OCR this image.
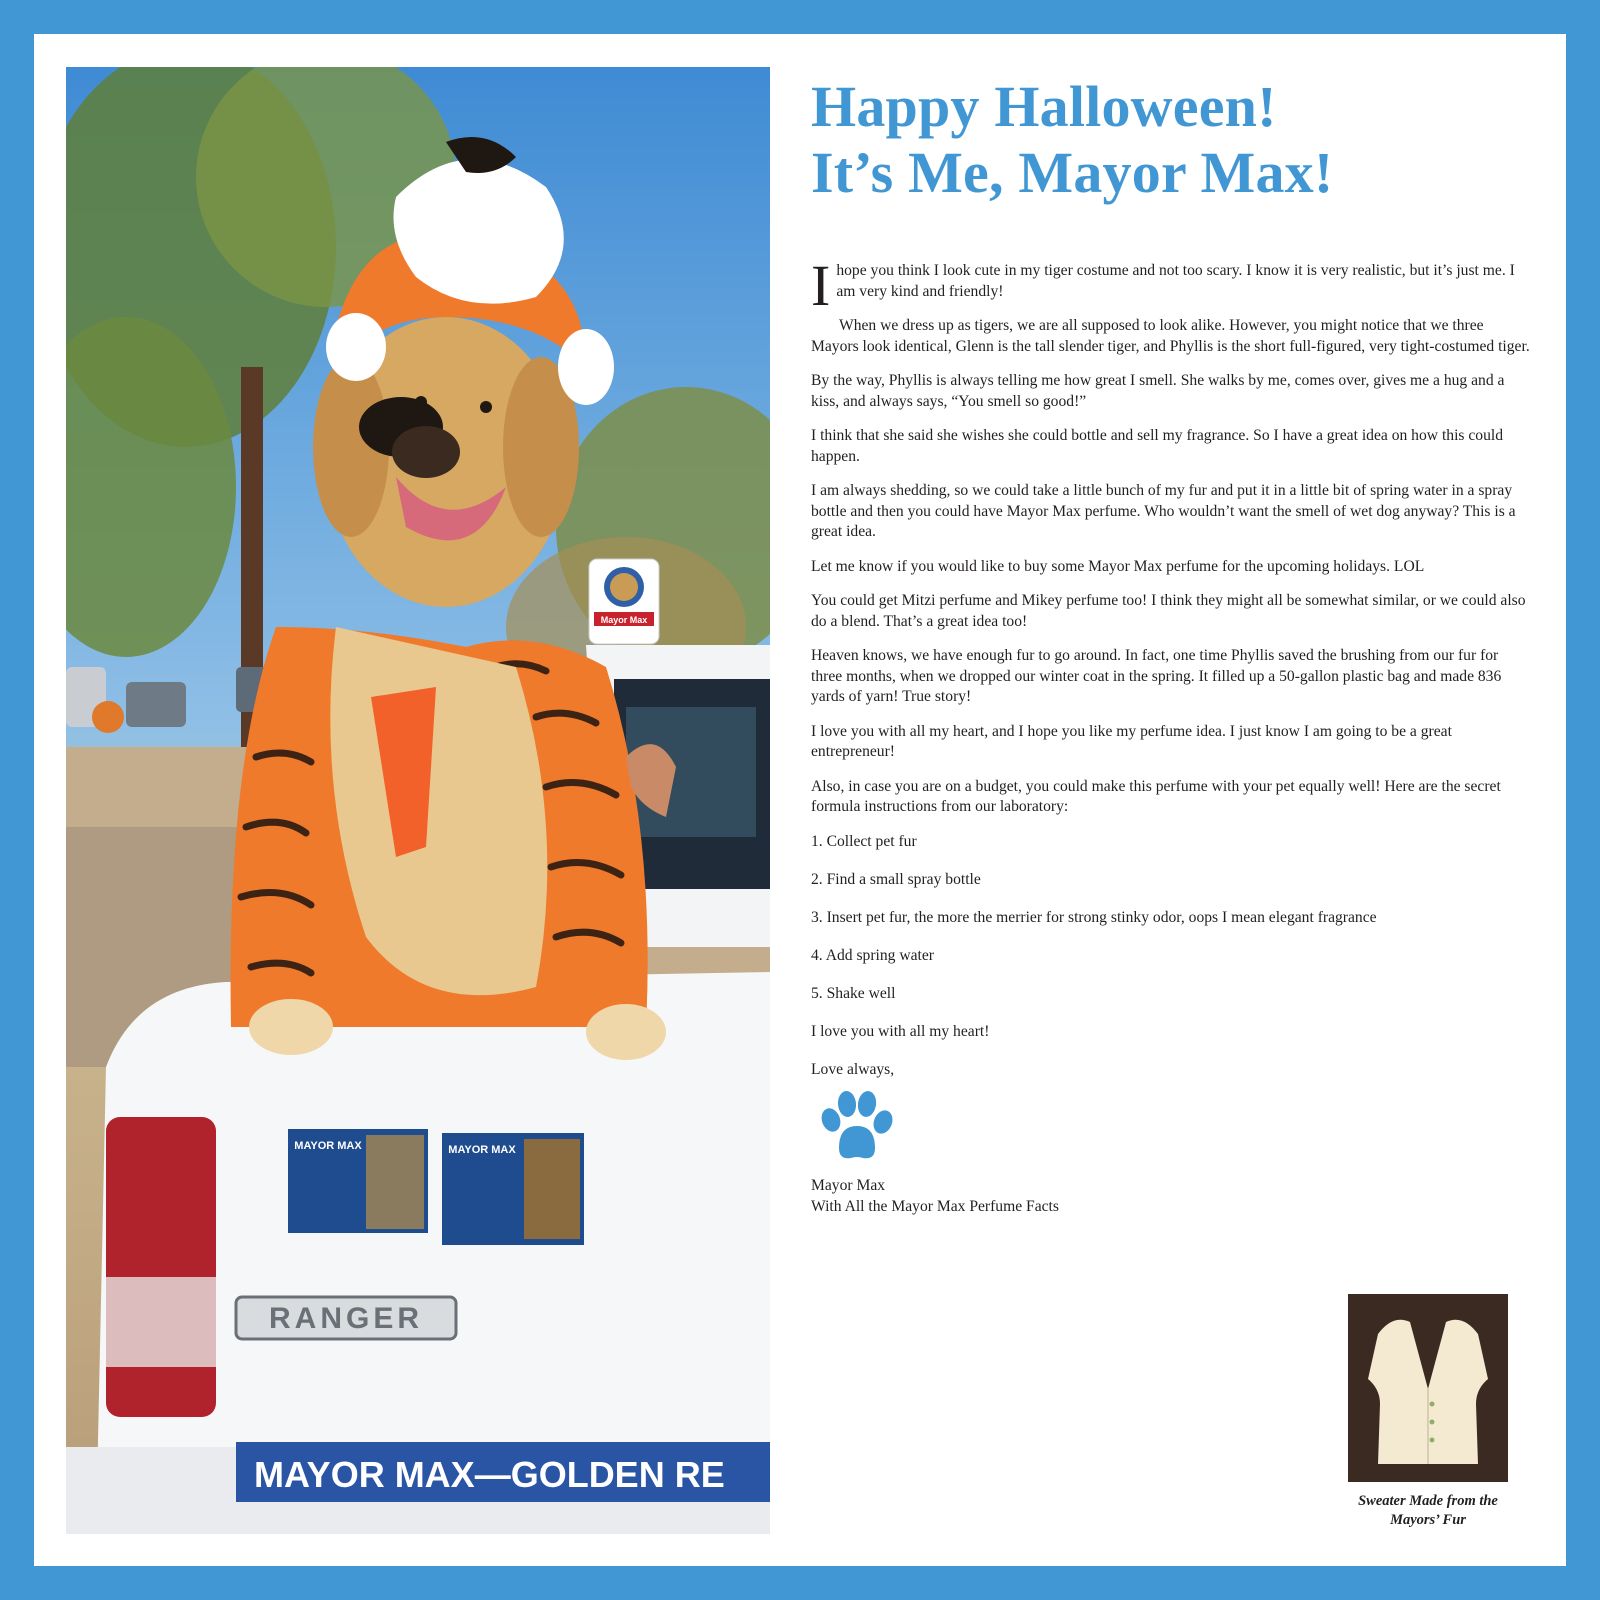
Mayor Max
RANGER
MAYOR MAX	MAYOR MAX
MAYOR MAX—GOLDEN RE
Happy Halloween!
It’s Me, Mayor Max!

Ihope you think I look cute in my tiger costume and not too scary. I know it is very realistic, but it’s just me. I am very kind and friendly!

When we dress up as tigers, we are all supposed to look alike. However, you might notice that we three Mayors look identical, Glenn is the tall slender tiger, and Phyllis is the short full-figured, very tight-costumed tiger.

By the way, Phyllis is always telling me how great I smell. She walks by me, comes over, gives me a hug and a kiss, and always says, “You smell so good!”

I think that she said she wishes she could bottle and sell my fragrance. So I have a great idea on how this could happen.

I am always shedding, so we could take a little bunch of my fur and put it in a little bit of spring water in a spray bottle and then you could have Mayor Max perfume. Who wouldn’t want the smell of wet dog anyway? This is a great idea.

Let me know if you would like to buy some Mayor Max perfume for the upcoming holidays. LOL

You could get Mitzi perfume and Mikey perfume too! I think they might all be somewhat similar, or we could also do a blend. That’s a great idea too!

Heaven knows, we have enough fur to go around. In fact, one time Phyllis saved the brushing from our fur for three months, when we dropped our winter coat in the spring. It filled up a 50-gallon plastic bag and made 836 yards of yarn! True story!

I love you with all my heart, and I hope you like my perfume idea. I just know I am going to be a great entrepreneur!

Also, in case you are on a budget, you could make this perfume with your pet equally well! Here are the secret formula instructions from our laboratory:

1. Collect pet fur

2. Find a small spray bottle

3. Insert pet fur, the more the merrier for strong stinky odor, oops I mean elegant fragrance

4. Add spring water

5. Shake well

I love you with all my heart!

Love always,

Mayor Max

With All the Mayor Max Perfume Facts

Sweater Made from the
Mayors’ Fur
